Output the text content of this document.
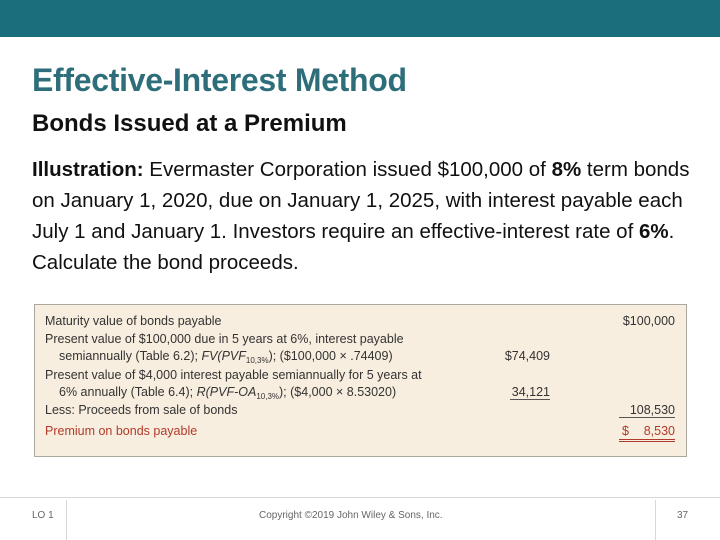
Effective-Interest Method
Bonds Issued at a Premium
Illustration: Evermaster Corporation issued $100,000 of 8% term bonds on January 1, 2020, due on January 1, 2025, with interest payable each July 1 and January 1. Investors require an effective-interest rate of 6%. Calculate the bond proceeds.
Maturity value of bonds payable	$100,000
Present value of $100,000 due in 5 years at 6%, interest payable
semiannually (Table 6.2); $FV(PVF_{10,3\%})$; ($100,000 × .74409)	$74,409
Present value of $4,000 interest payable semiannually for 5 years at
6% annually (Table 6.4); $R(PVF-OA_{10,3\%})$; ($4,000 × 8.53020)	34,121
Less: Proceeds from sale of bonds	108,530
Premium on bonds payable	$	8,530
LO 1	Copyright ©2019 John Wiley & Sons, Inc.	37
